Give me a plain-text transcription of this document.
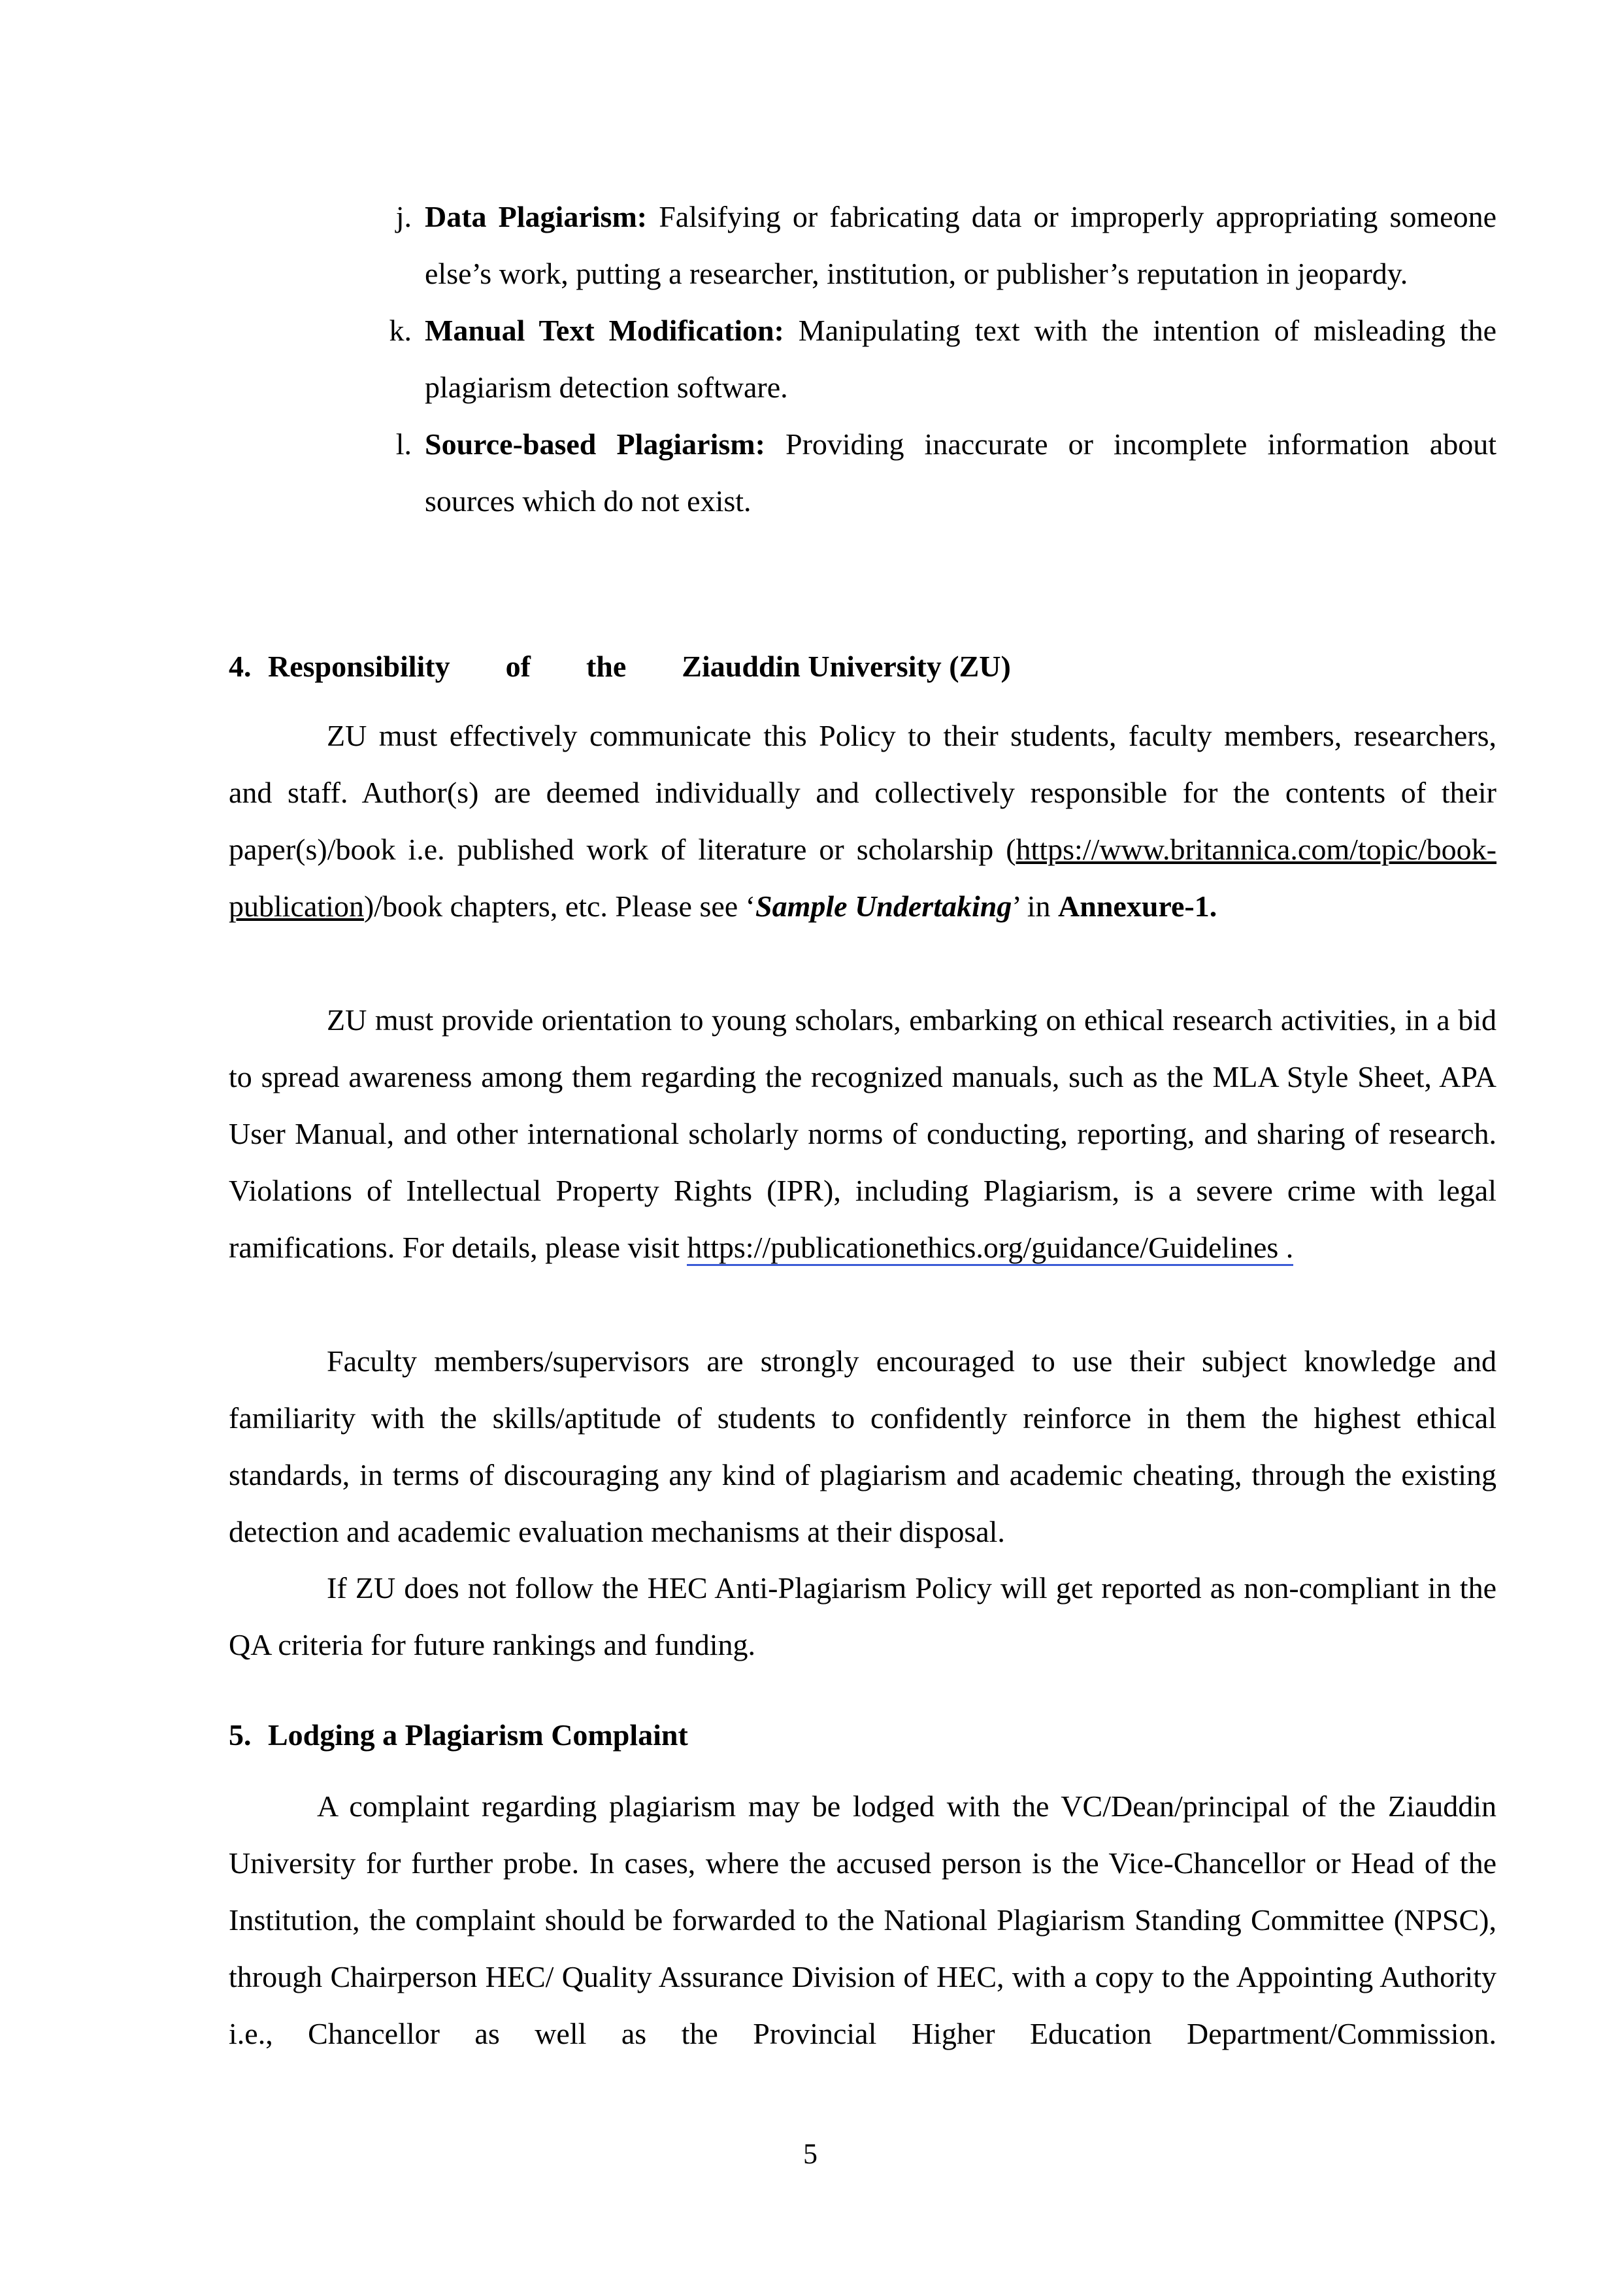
j. Data Plagiarism: Falsifying or fabricating data or improperly appropriating someone else’s work, putting a researcher, institution, or publisher’s reputation in jeopardy.
k. Manual Text Modification: Manipulating text with the intention of misleading the plagiarism detection software.
l. Source-based Plagiarism: Providing inaccurate or incomplete information about sources which do not exist.
4. Responsibility of the Ziauddin University (ZU)

ZU must effectively communicate this Policy to their students, faculty members, researchers, and staff. Author(s) are deemed individually and collectively responsible for the contents of their paper(s)/book i.e. published work of literature or scholarship (https://www.britannica.com/topic/book-publication)/book chapters, etc. Please see ‘Sample Undertaking’ in Annexure-1.

ZU must provide orientation to young scholars, embarking on ethical research activities, in a bid to spread awareness among them regarding the recognized manuals, such as the MLA Style Sheet, APA User Manual, and other international scholarly norms of conducting, reporting, and sharing of research. Violations of Intellectual Property Rights (IPR), including Plagiarism, is a severe crime with legal ramifications. For details, please visit https://publicationethics.org/guidance/Guidelines .

Faculty members/supervisors are strongly encouraged to use their subject knowledge and familiarity with the skills/aptitude of students to confidently reinforce in them the highest ethical standards, in terms of discouraging any kind of plagiarism and academic cheating, through the existing detection and academic evaluation mechanisms at their disposal.

If ZU does not follow the HEC Anti-Plagiarism Policy will get reported as non-compliant in the QA criteria for future rankings and funding.

5. Lodging a Plagiarism Complaint

A complaint regarding plagiarism may be lodged with the VC/Dean/principal of the Ziauddin University for further probe. In cases, where the accused person is the Vice-Chancellor or Head of the Institution, the complaint should be forwarded to the National Plagiarism Standing Committee (NPSC), through Chairperson HEC/ Quality Assurance Division of HEC, with a copy to the Appointing Authority i.e., Chancellor as well as the Provincial Higher Education Department/Commission.

5
